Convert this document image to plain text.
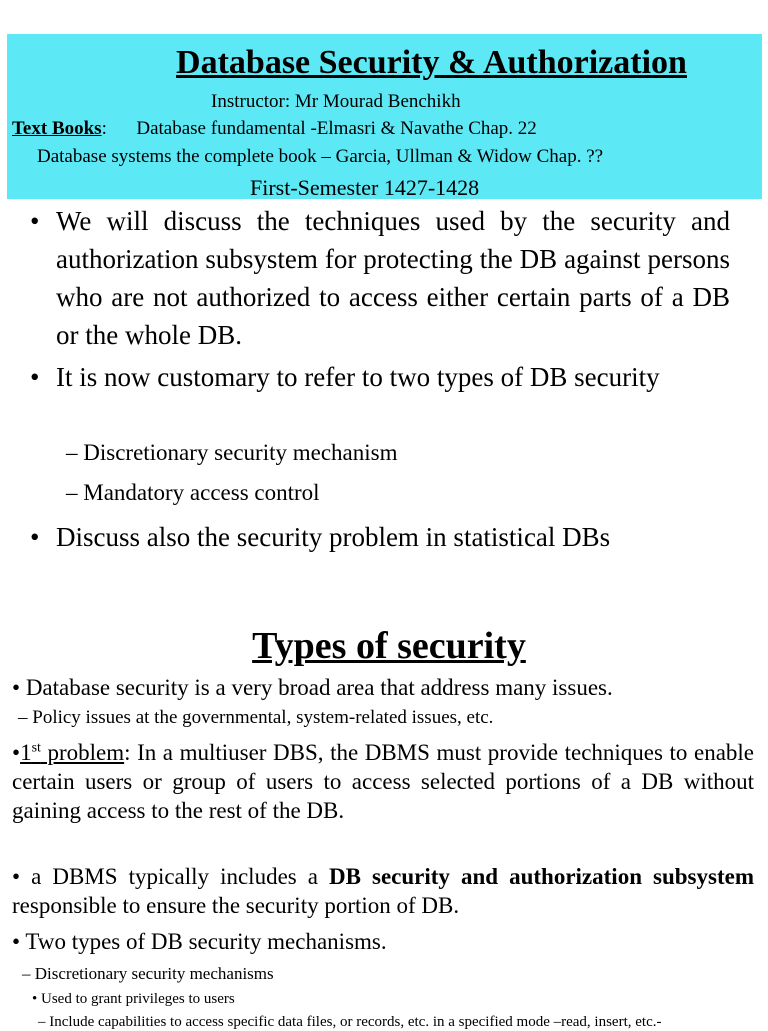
Database Security & Authorization

Instructor: Mr Mourad Benchikh

Text Books: Database fundamental -Elmasri & Navathe Chap. 22

Database systems the complete book – Garcia, Ullman & Widow Chap. ??

First-Semester 1427-1428

• We will discuss the techniques used by the security and authorization subsystem for protecting the DB against persons who are not authorized to access either certain parts of a DB or the whole DB.
• It is now customary to refer to two types of DB security
– Discretionary security mechanism
– Mandatory access control
• Discuss also the security problem in statistical DBs
Types of security
• Database security is a very broad area that address many issues.
– Policy issues at the governmental, system-related issues, etc.
•1st problem: In a multiuser DBS, the DBMS must provide techniques to enable certain users or group of users to access selected portions of a DB without gaining access to the rest of the DB.
• a DBMS typically includes a DB security and authorization subsystem responsible to ensure the security portion of DB.
• Two types of DB security mechanisms.
– Discretionary security mechanisms
• Used to grant privileges to users
– Include capabilities to access specific data files, or records, etc. in a specified mode –read, insert, etc.-
